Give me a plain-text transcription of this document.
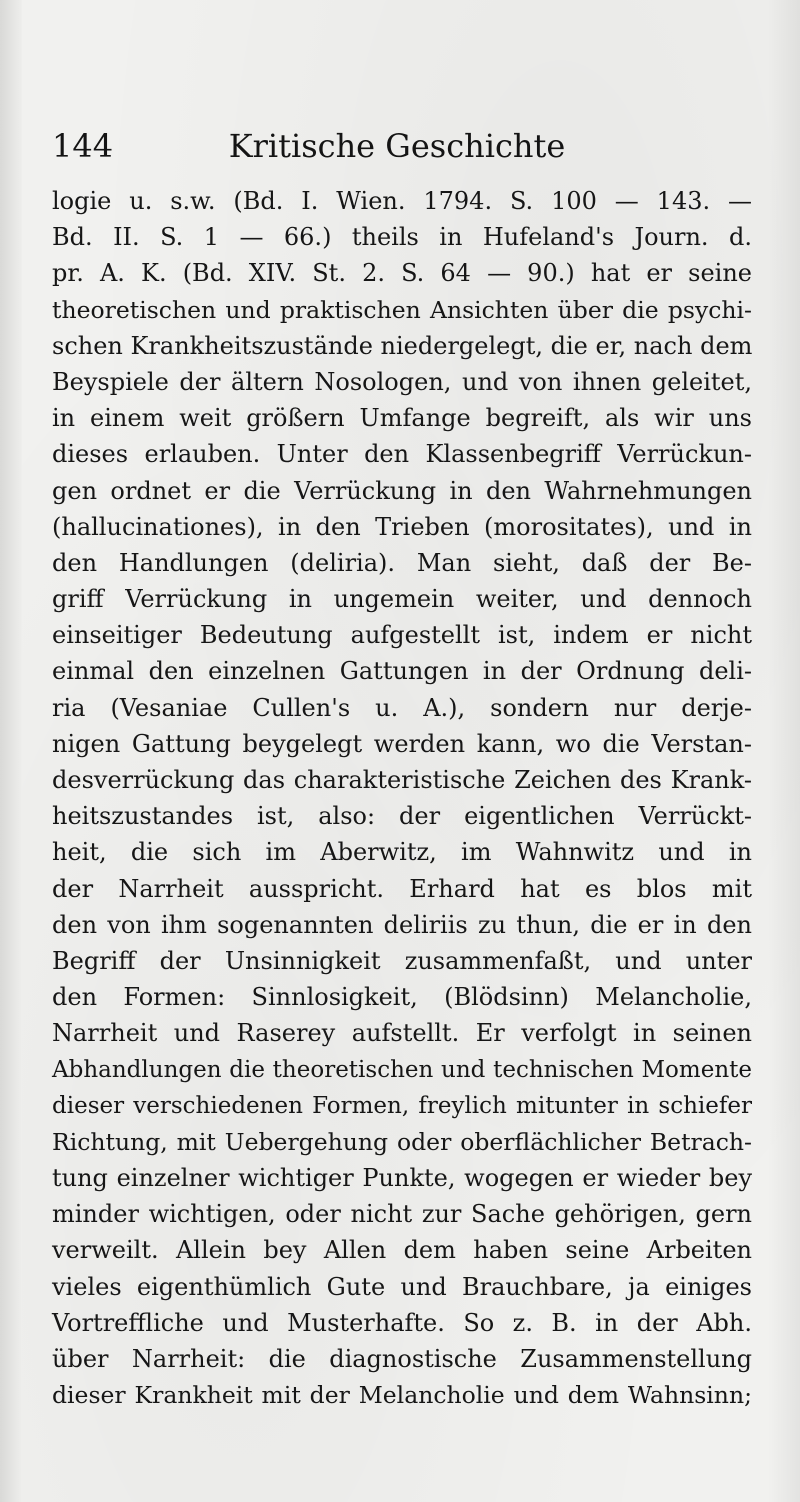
144	Kritische Geschichte
logie u. s.w. (Bd. I. Wien. 1794. S. 100 — 143. —
Bd. II. S. 1 — 66.) theils in Hufeland's Journ. d.
pr. A. K. (Bd. XIV. St. 2. S. 64 — 90.) hat er seine
theoretischen und praktischen Ansichten über die psychi-
schen Krankheitszustände niedergelegt, die er, nach dem
Beyspiele der ältern Nosologen, und von ihnen geleitet,
in einem weit größern Umfange begreift, als wir uns
dieses erlauben. Unter den Klassenbegriff Verrückun-
gen ordnet er die Verrückung in den Wahrnehmungen
(hallucinationes), in den Trieben (morositates), und in
den Handlungen (deliria). Man sieht, daß der Be-
griff Verrückung in ungemein weiter, und dennoch
einseitiger Bedeutung aufgestellt ist, indem er nicht
einmal den einzelnen Gattungen in der Ordnung deli-
ria (Vesaniae Cullen's u. A.), sondern nur derje-
nigen Gattung beygelegt werden kann, wo die Verstan-
desverrückung das charakteristische Zeichen des Krank-
heitszustandes ist, also: der eigentlichen Verrückt-
heit, die sich im Aberwitz, im Wahnwitz und in
der Narrheit ausspricht. Erhard hat es blos mit
den von ihm sogenannten deliriis zu thun, die er in den
Begriff der Unsinnigkeit zusammenfaßt, und unter
den Formen: Sinnlosigkeit, (Blödsinn) Melancholie,
Narrheit und Raserey aufstellt. Er verfolgt in seinen
Abhandlungen die theoretischen und technischen Momente
dieser verschiedenen Formen, freylich mitunter in schiefer
Richtung, mit Uebergehung oder oberflächlicher Betrach-
tung einzelner wichtiger Punkte, wogegen er wieder bey
minder wichtigen, oder nicht zur Sache gehörigen, gern
verweilt. Allein bey Allen dem haben seine Arbeiten
vieles eigenthümlich Gute und Brauchbare, ja einiges
Vortreffliche und Musterhafte. So z. B. in der Abh.
über Narrheit: die diagnostische Zusammenstellung
dieser Krankheit mit der Melancholie und dem Wahnsinn;
